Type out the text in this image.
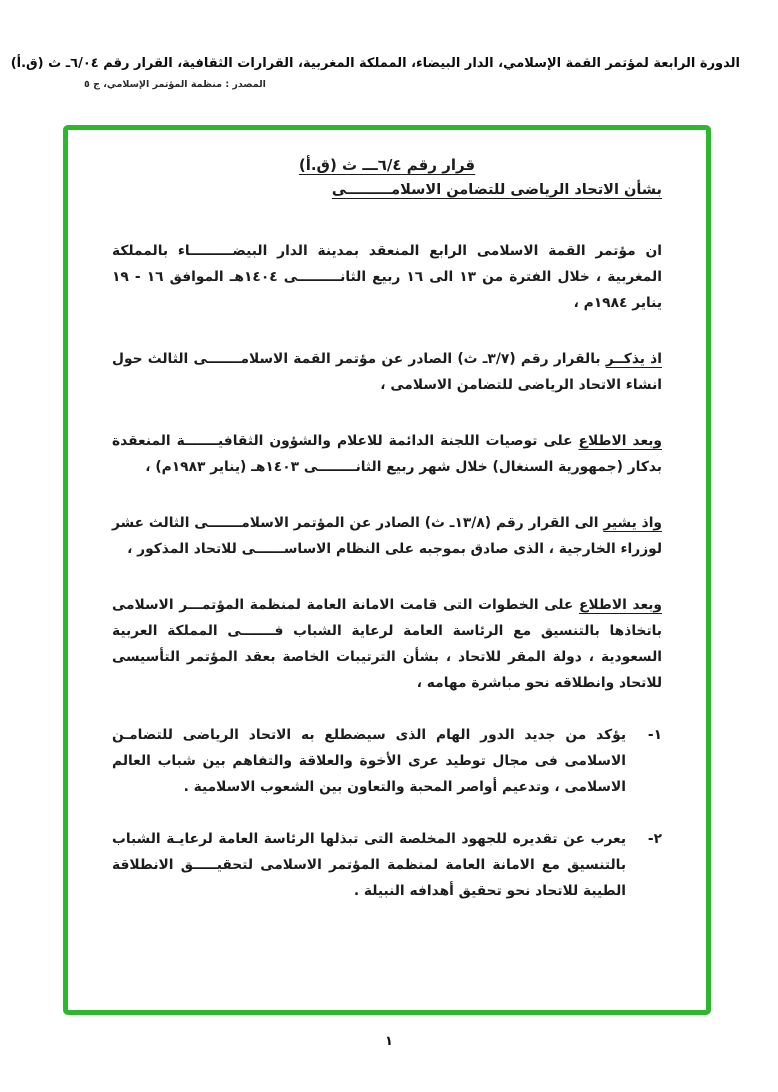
الدورة الرابعة لمؤتمر القمة الإسلامي، الدار البيضاء، المملكة المغربية، القرارات الثقافية، القرار رقم ٦/٠٤ـ ث (ق.أ)
المصدر : منظمة المؤتمر الإسلامي، ج ٥
قرار رقم ٦/٤ـــ ث (ق.أ)
بشأن الاتحاد الرياضى للتضامن الاسلامـــــــــى
ان مؤتمر القمة الاسلامى الرابع المنعقد بمدينة الدار البيضـــــــــاء بالمملكة المغربية ، خلال الفترة من ١٣ الى ١٦ ربيع الثانـــــــــى ١٤٠٤هـ الموافق ١٦ - ١٩ يناير ١٩٨٤م ،
اذ يذكــر بالقرار رقم (٣/٧ـ ث) الصادر عن مؤتمر القمة الاسلامـــــــى الثالث حول انشاء الاتحاد الرياضى للتضامن الاسلامى ،
وبعد الاطلاع على توصيات اللجنة الدائمة للاعلام والشؤون الثقافيـــــــة المنعقدة بدكار (جمهورية السنغال) خلال شهر ربيع الثانــــــــى ١٤٠٣هـ (يناير ١٩٨٣م) ،
واذ يشير الى القرار رقم (١٣/٨ـ ث) الصادر عن المؤتمر الاسلامـــــــى الثالث عشر لوزراء الخارجية ، الذى صادق بموجبه على النظام الاساســــــى للاتحاد المذكور ،
وبعد الاطلاع على الخطوات التى قامت الامانة العامة لمنظمة المؤتمـــر الاسلامى باتخاذها بالتنسيق مع الرئاسة العامة لرعاية الشباب فـــــــى المملكة العربية السعودية ، دولة المقر للاتحاد ، بشأن الترتيبات الخاصة بعقد المؤتمر التأسيسى للاتحاد وانطلاقه نحو مباشرة مهامه ،
١-
يؤكد من جديد الدور الهام الذى سيضطلع به الاتحاد الرياضى للتضامـن الاسلامى فى مجال توطيد عرى الأخوة والعلاقة والتفاهم بين شباب العالم الاسلامى ، وتدعيم أواصر المحبة والتعاون بين الشعوب الاسلامية .
٢-
يعرب عن تقديره للجهود المخلصة التى تبذلها الرئاسة العامة لرعايـة الشباب بالتنسيق مع الامانة العامة لمنظمة المؤتمر الاسلامى لتحقيـــــق الانطلاقة الطيبة للاتحاد نحو تحقيق أهدافه النبيلة .
١
